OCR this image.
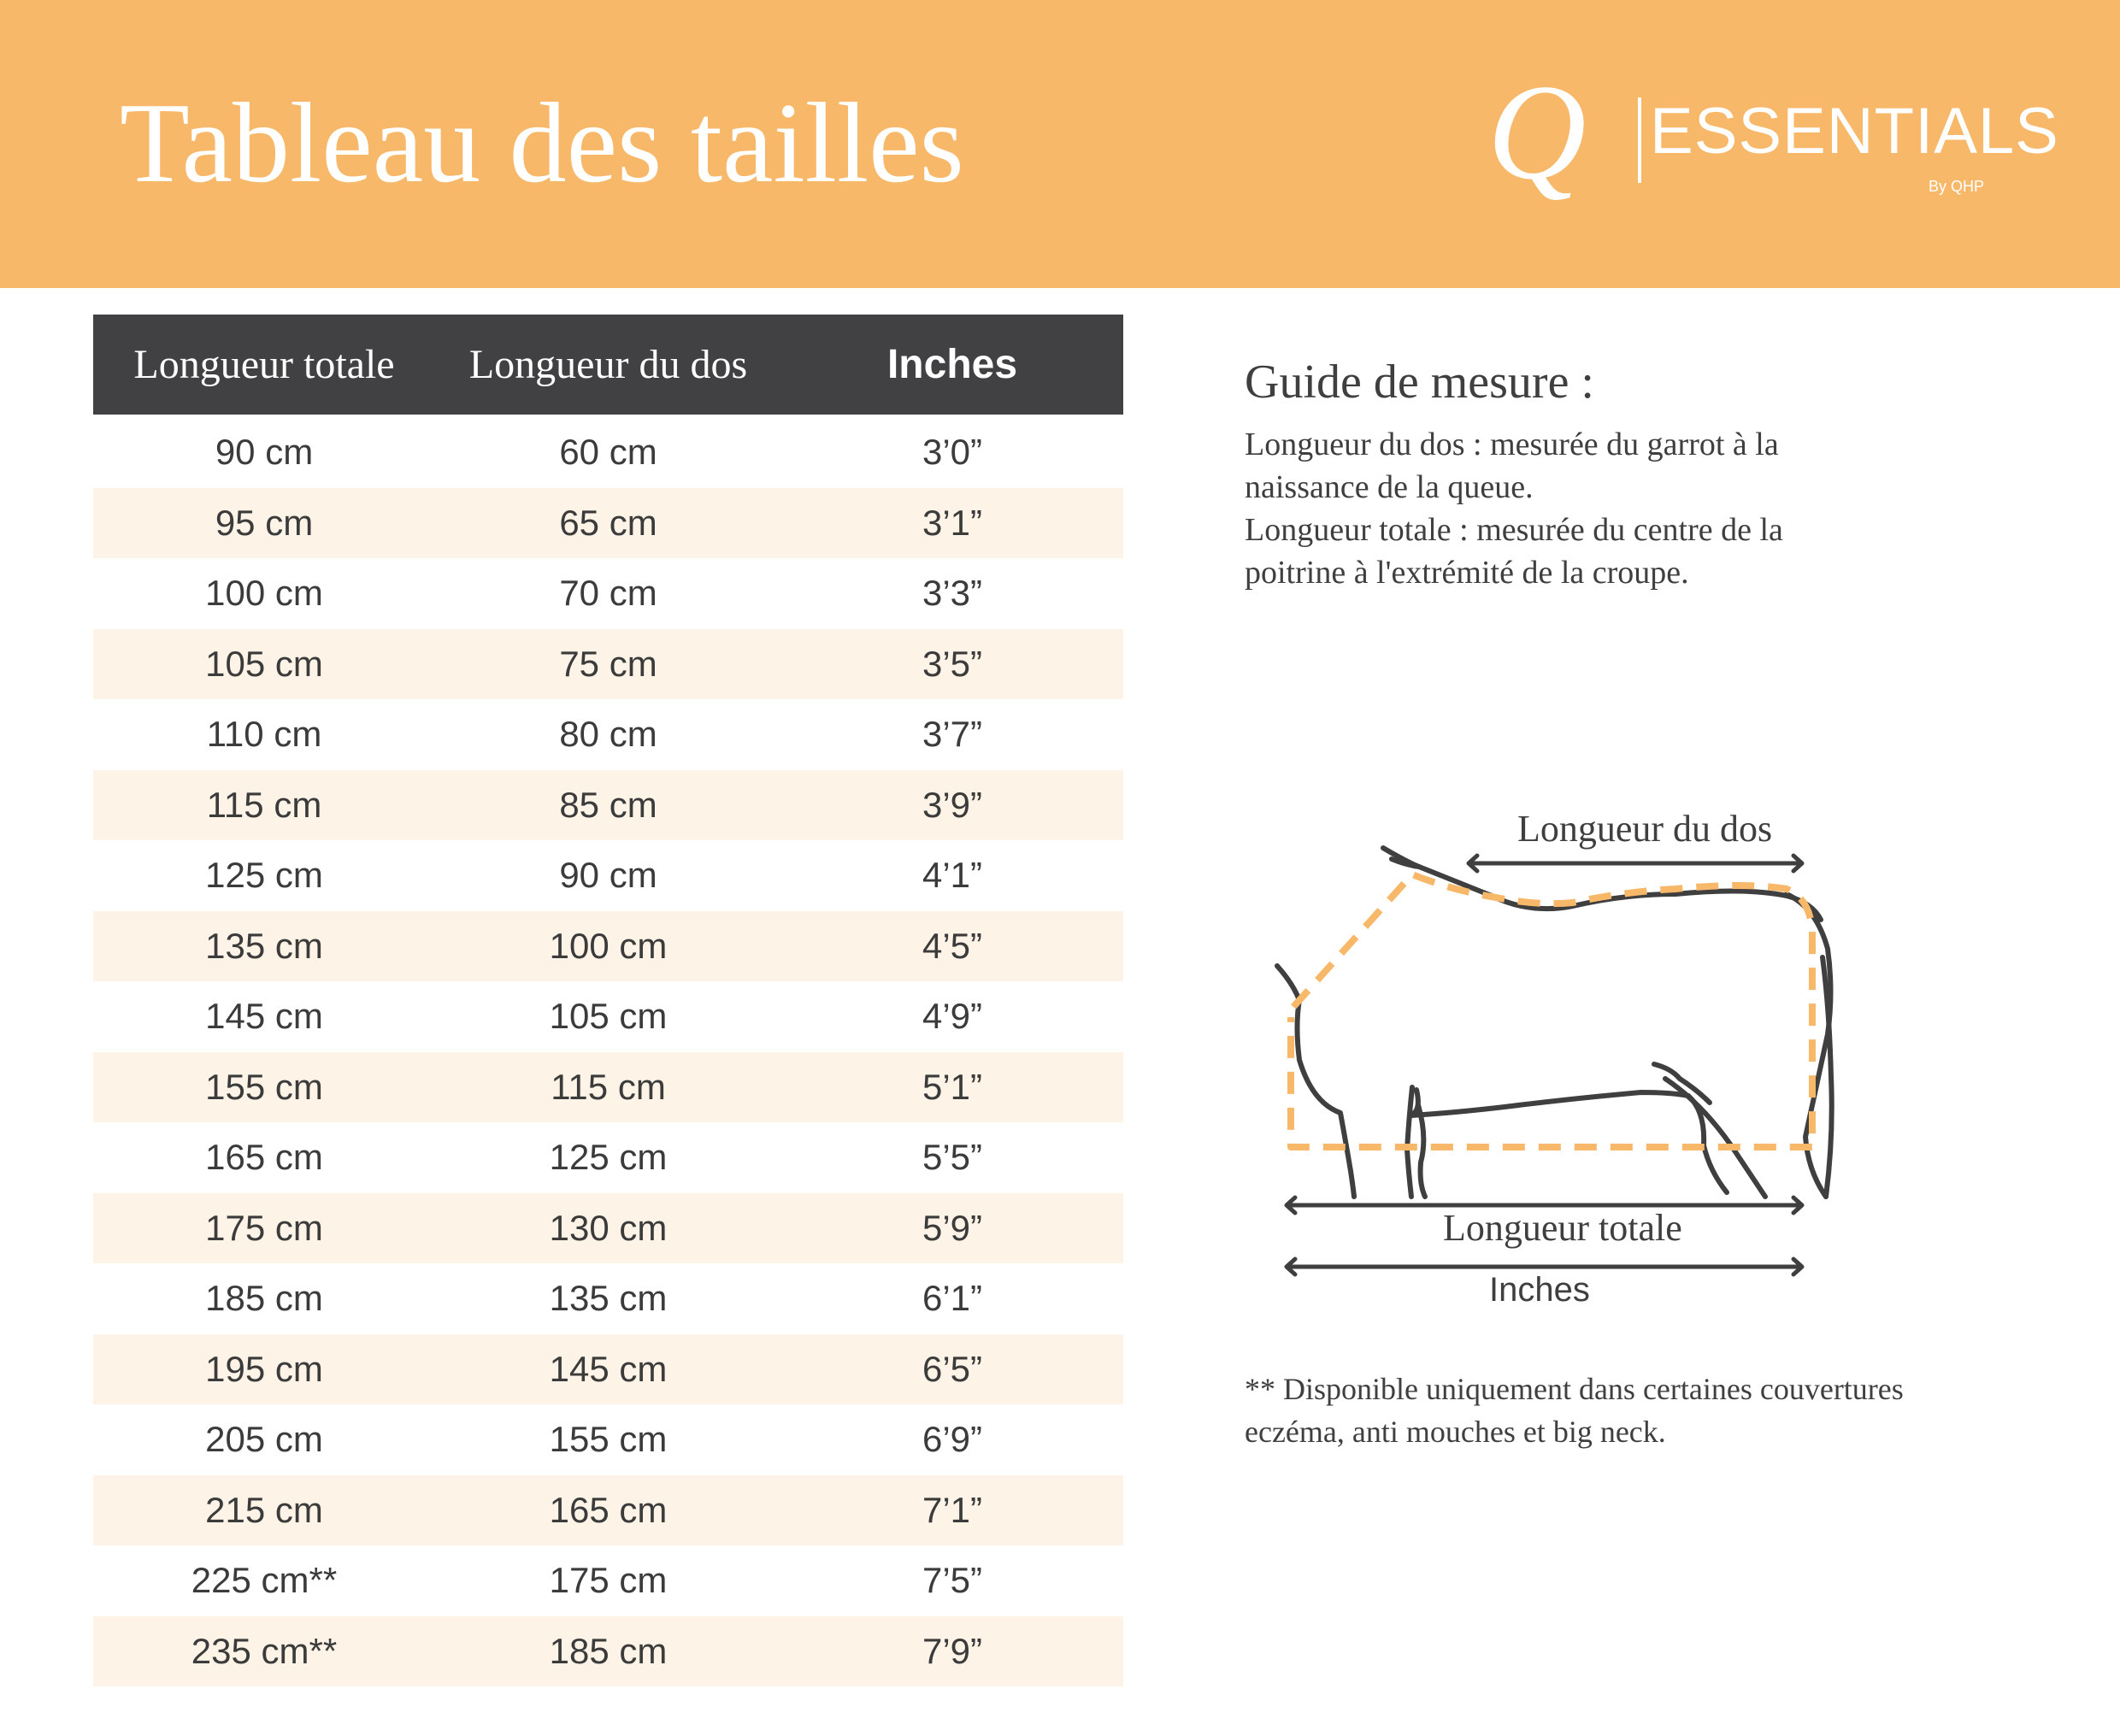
Tableau des tailles	Q ESSENTIALS
By QHP
Longueur totale	Longueur du dos	Inches
90 cm	60 cm	3’0”
95 cm	65 cm	3’1”
100 cm	70 cm	3’3”
105 cm	75 cm	3’5”
110 cm	80 cm	3’7”
115 cm	85 cm	3’9”
125 cm	90 cm	4’1”
135 cm	100 cm	4’5”
145 cm	105 cm	4’9”
155 cm	115 cm	5’1”
165 cm	125 cm	5’5”
175 cm	130 cm	5’9”
185 cm	135 cm	6’1”
195 cm	145 cm	6’5”
205 cm	155 cm	6’9”
215 cm	165 cm	7’1”
225 cm**	175 cm	7’5”
235 cm**	185 cm	7’9”
Guide de mesure :
Longueur du dos : mesurée du garrot à la
naissance de la queue.
Longueur totale : mesurée du centre de la
poitrine à l'extrémité de la croupe.
Longueur du dos
Longueur totale
Inches
** Disponible uniquement dans certaines couvertures
eczéma, anti mouches et big neck.
